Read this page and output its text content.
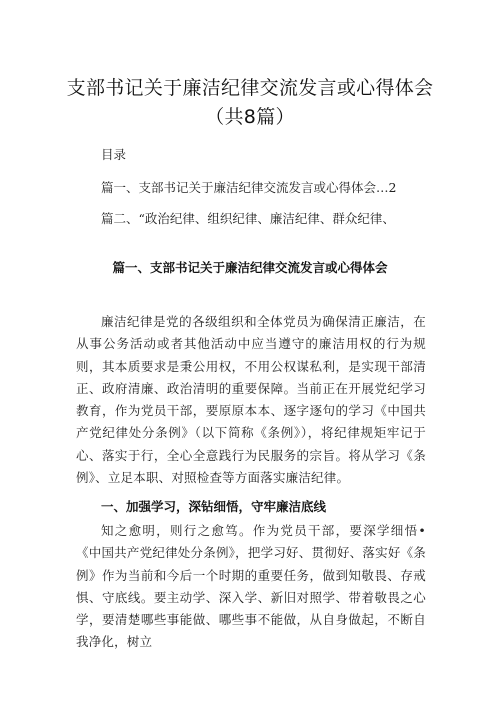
支部书记关于廉洁纪律交流发言或心得体会（共8篇）
目录
篇一、支部书记关于廉洁纪律交流发言或心得体会…2
篇二、“政治纪律、组织纪律、廉洁纪律、群众纪律、
篇一、支部书记关于廉洁纪律交流发言或心得体会

廉洁纪律是党的各级组织和全体党员为确保清正廉洁，在从事公务活动或者其他活动中应当遵守的廉洁用权的行为规则，其本质要求是秉公用权，不用公权谋私利，是实现干部清正、政府清廉、政治清明的重要保障。当前正在开展党纪学习教育，作为党员干部，要原原本本、逐字逐句的学习《中国共产党纪律处分条例》（以下简称《条例》），将纪律规矩牢记于心、落实于行，全心全意践行为民服务的宗旨。将从学习《条例》、立足本职、对照检查等方面落实廉洁纪律。

一、加强学习，深钻细悟，守牢廉洁底线

知之愈明，则行之愈笃。作为党员干部，要深学细悟•《中国共产党纪律处分条例》，把学习好、贯彻好、落实好《条例》作为当前和今后一个时期的重要任务，做到知敬畏、存戒惧、守底线。要主动学、深入学、新旧对照学、带着敬畏之心学，要清楚哪些事能做、哪些事不能做，从自身做起，不断自我净化，树立
